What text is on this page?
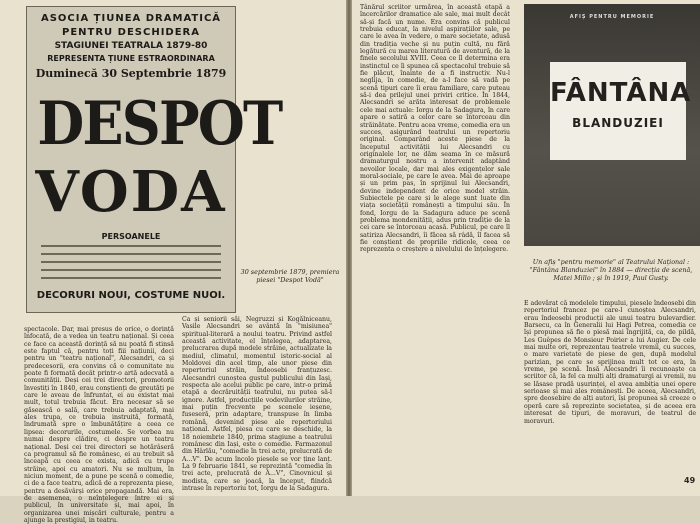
ASOCIA ȚIUNEA DRAMATICĂ
PENTRU DESCHIDERA
STAGIUNEI TEATRALA 1879-80
REPRESENTA ȚIUNE ESTRAORDINARA
Duminecă 30 Septembrie 1879
DESPOT
VODA
PERSOANELE
DECORURI NOUI, COSTUME NUOI.
30 septembrie 1879, premiera piesei "Despot Vodă"
spectacole. Dar, mai presus de orice, o dorință înfocată, de a vedea un teatru național. Și ceea ce face ca această dorință să nu poată fi stinsă este faptul că, pentru toți fiii națiunii, deci pentru un "teatru național", Alecsandri, ca și predecesorii, era convins că o comunitate nu poate fi formată decât printr-o artă adecvată a comunității. Deși cei trei directori, promotorii învestiți în 1840, erau conștienți de greutăți pe care le aveau de înfruntat, ei au existat mai mult, totul trebuia făcut. Era necesar să se găsească o sală, care trebuia adaptată, mai ales trupa, ce trebuia instruită, formată, îndrumată spre o îmbunătățire a ceea ce lipsea: decorurile, costumele. Se vorbea nu numai despre clădire, ci despre un teatru național. Deși cei trei directori se hotărâseră ca programul să fie românesc, ei au trebuit să înceapă cu ceea ce exista, adică cu trupe străine, apoi cu amatori. Nu se mulțum, în niciun moment, de a pune pe scenă o comedie, ci de a face teatru, adică de a reprezenta piese, pentru a desăvârși orice propagandă. Mai era, de asemenea, o neînțelegere între ei și publicul, în universitate și, mai apoi, în organizarea unei mișcări culturale, pentru a ajunge la prestigiul, in teatru.
Ca și seniorii săi, Negruzzi și Kogălniceanu, Vasile Alecsandri se avântă în "misiunea" spiritual-literară a noului teatru. Privind astfel această activitate, el înțelegea, adaptarea, prelucrarea după modele străine, actualizate la mediul, climatul, momentul istoric-social al Moldovei din acel timp, ale unor piese din repertoriul străin, îndeosebi franțuzesc. Alecsandri cunoștea gustul publicului din Iași, respecta ale acelui public pe care, intr-o primă etapă a decrăruității teatrului, nu putea să-l ignore. Astfel, producțiile vodevilurilor străine, mai puțin frecvente pe scenele ieșene, fuseseră, prin adaptare, transpuse în limba română, devenind piese ale repertoriului național. Astfel, piesa cu care se deschide, la 18 noiembrie 1840, prima stagiune a teatrului românesc din Iași, este o comedie. Farmazonul din Hârlău, "comedie în trei acte, prelucrată de A...V". De acum încolo piesele se vor ține lanț. La 9 februarie 1841, se reprezintă "comedia în trei acte, prelucrată de A...V", Cinovnicul și modista, care se joacă, la început, fiindcă intrase în repertoriu tot, Iorgu de la Sadagura.
Tânărul scriitor urmărea, în această etapă a încercărilor dramatice ale sale, mai mult decât să-și facă un nume. Era convins că publicul trebuia educat, la nivelul aspirațiilor sale, pe care le avea în vedere, o mare societate, adusă din tradiția veche și nu puțin cultă, nu fără legătură cu marea literatură de aventură, de la finele secolului XVIII. Ceea ce îl determina era instinctul ce îi spunea că spectacolul trebuie să fie plăcut, înainte de a fi instructiv. Nu-l neglija, în comedie, de a-l face să vadă pe scenă tipuri care îi erau familiare, care puteau să-i dea prilejul unei priviri critice. În 1844, Alecsandri se arăta interesat de problemele cele mai actuale: Iorgu de la Sadagura, în care apare o satiră a celor care se întorceau din străinătate. Pentru acea vreme, comedia era un succes, asigurând teatrului un repertoriu original. Comparând aceste piese de la începutul activității lui Alecsandri cu originalele lor, ne dăm seama în ce măsură dramaturgul nostru a intervenit adaptând nevoilor locale, dar mai ales exigențelor sale moral-sociale, pe care le avea. Mai de aproape și un prim pas, în sprijinul lui Alecsandri, devine independent de orice model străin. Subiectele pe care și le alege sunt luate din viața societății românești a timpului său. În fond, Iorgu de la Sadagura aduce pe scenă problema mondenității, adus prin tradiție de la cei care se întorceau acasă. Publicul, pe care îl satiriza Alecsandri, îi făcea să râdă, îl facea să fie conștient de propriile ridicole, ceea ce reprezenta o creștere a nivelului de înțelegere.
AFIȘ PENTRU MEMORIE
FÂNTÂNA
BLANDUZIEI
Un afiș "pentru memorie" al Teatrului Național : "Fântâna Blanduziei" în 1884 — direcția de scenă, Matei Millo ; și în 1919, Paul Gusty.
E adevărat că modelele timpului, piesele îndeosebi din repertoriul francez pe care-l cunoștea Alecsandri, erau îndeosebi producții ale unui teatru bulevardier. Barsecu, ca în Generalii lui Hagi Petrea, comedia ce își propunea să fie o piesă mai îngrijită, ca, de pildă, Les Guêpes de Monsieur Poirier a lui Augier. De cele mai multe ori, reprezentau teatrele vremii, cu succes, o mare varietate de piese de gen, după modelul parizian, pe care se sprijinea mult tot ce era, în vreme, pe scenă. Însă Alecsandri îi recunoaște ca scriitor că, la fel ca mulți alți dramaturgi ai vremii, nu se lăsase pradă ușurinței, el avea ambiția unei opere serioase și mai ales românești. De aceea, Alecsandri, spre deosebire de alți autori, își propunea să creeze o operă care să reprezinte societatea, și de aceea era interesat de tipuri, de moravuri, de teatrul de moravuri.
49
